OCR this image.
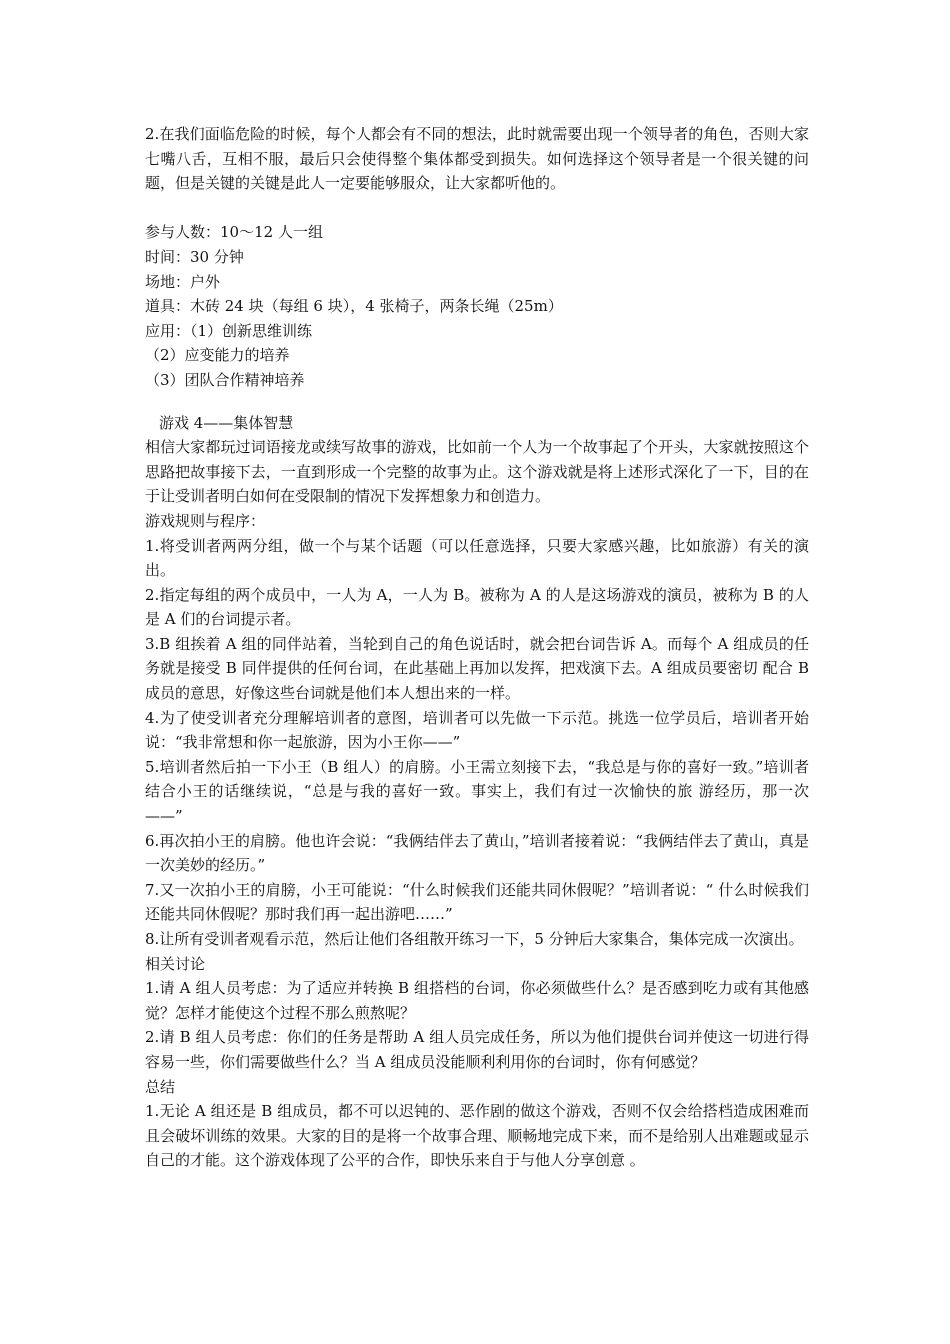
2.在我们面临危险的时候，每个人都会有不同的想法，此时就需要出现一个领导者的角色，否则大家七嘴八舌，互相不服，最后只会使得整个集体都受到损失。如何选择这个领导者是一个很关键的问题，但是关键的关键是此人一定要能够服众，让大家都听他的。

参与人数：10～12 人一组

时间：30 分钟

场地：户外

道具：木砖 24 块（每组 6 块），4 张椅子，两条长绳（25m）

应用：（1）创新思维训练

（2）应变能力的培养

（3）团队合作精神培养

游戏 4——集体智慧

相信大家都玩过词语接龙或续写故事的游戏，比如前一个人为一个故事起了个开头，大家就按照这个思路把故事接下去，一直到形成一个完整的故事为止。这个游戏就是将上述形式深化了一下，目的在于让受训者明白如何在受限制的情况下发挥想象力和创造力。

游戏规则与程序：

1.将受训者两两分组，做一个与某个话题（可以任意选择，只要大家感兴趣，比如旅游）有关的演出。

2.指定每组的两个成员中，一人为 A，一人为 B。被称为 A 的人是这场游戏的演员，被称为 B 的人是 A 们的台词提示者。

3.B 组挨着 A 组的同伴站着，当轮到自己的角色说话时，就会把台词告诉 A。而每个 A 组成员的任务就是接受 B 同伴提供的任何台词，在此基础上再加以发挥，把戏演下去。A 组成员要密切 配合 B 成员的意思，好像这些台词就是他们本人想出来的一样。

4.为了使受训者充分理解培训者的意图，培训者可以先做一下示范。挑选一位学员后，培训者开始说：“我非常想和你一起旅游，因为小王你——”

5.培训者然后拍一下小王（B 组人）的肩膀。小王需立刻接下去，“我总是与你的喜好一致。”培训者结合小王的话继续说，“总是与我的喜好一致。事实上，我们有过一次愉快的旅 游经历，那一次——”

6.再次拍小王的肩膀。他也许会说：“我俩结伴去了黄山，”培训者接着说：“我俩结伴去了黄山，真是一次美妙的经历。”

7.又一次拍小王的肩膀，小王可能说：“什么时候我们还能共同休假呢？”培训者说：“ 什么时候我们还能共同休假呢？那时我们再一起出游吧……”

8.让所有受训者观看示范，然后让他们各组散开练习一下，5 分钟后大家集合，集体完成一次演出。

相关讨论

1.请 A 组人员考虑：为了适应并转换 B 组搭档的台词，你必须做些什么？是否感到吃力或有其他感觉？怎样才能使这个过程不那么煎熬呢？

2.请 B 组人员考虑：你们的任务是帮助 A 组人员完成任务，所以为他们提供台词并使这一切进行得容易一些，你们需要做些什么？当 A 组成员没能顺利利用你的台词时，你有何感觉？

总结

1.无论 A 组还是 B 组成员，都不可以迟钝的、恶作剧的做这个游戏，否则不仅会给搭档造成困难而且会破坏训练的效果。大家的目的是将一个故事合理、顺畅地完成下来，而不是给别人出难题或显示自己的才能。这个游戏体现了公平的合作，即快乐来自于与他人分享创意 。
